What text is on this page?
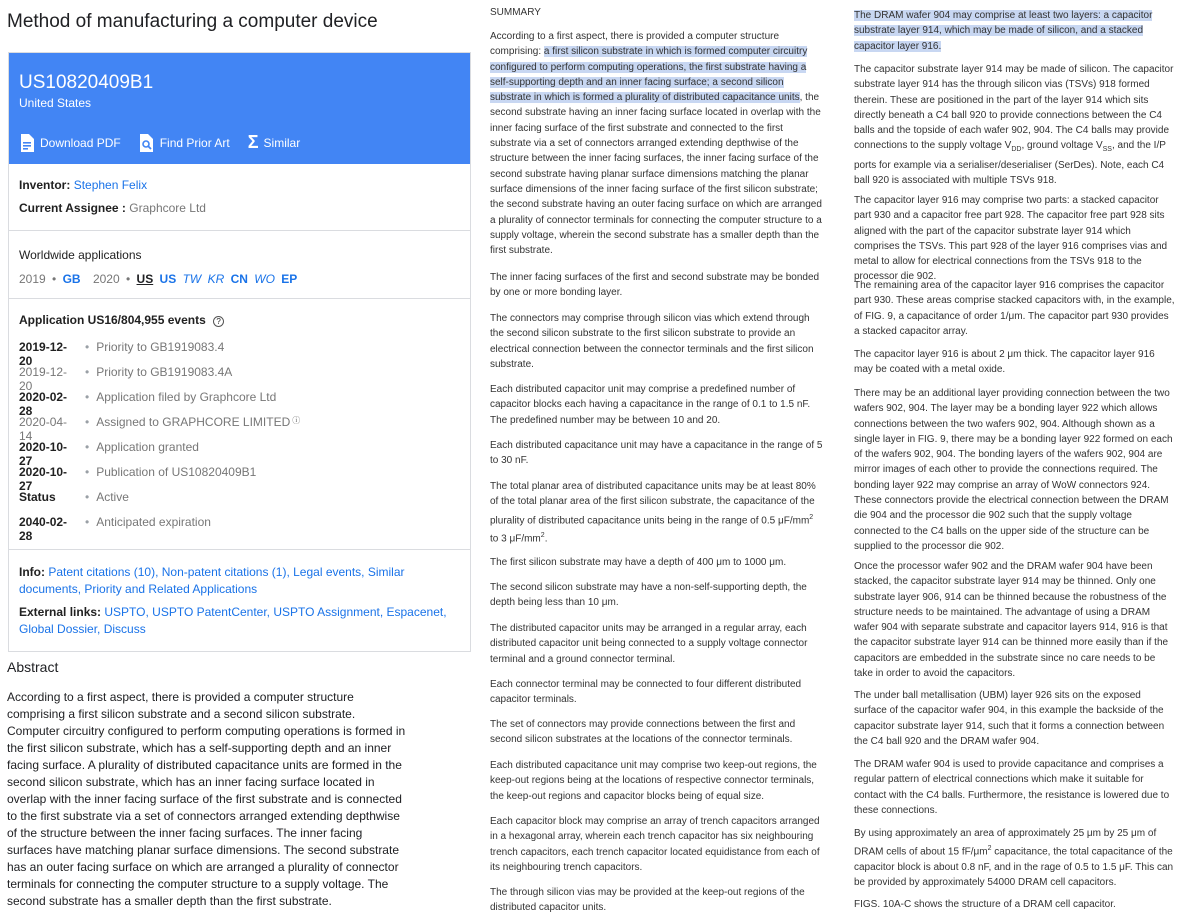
Method of manufacturing a computer device
US10820409B1
United States
Download PDF	Find Prior Art Σ Similar
Inventor: Stephen Felix
Current Assignee : Graphcore Ltd
Worldwide applications
2019 • GB 2020 • US US TW KR CN WO EP
Application US16/804,955 events ?
2019-12-20
• Priority to GB1919083.4
2019-12-20
• Priority to GB1919083.4A
2020-02-28
• Application filed by Graphcore Ltd
2020-04-14
• Assigned to GRAPHCORE LIMITED ⓘ
2020-10-27
• Application granted
2020-10-27
• Publication of US10820409B1
Status	• Active
2040-02-28
• Anticipated expiration
Info: Patent citations (10), Non-patent citations (1), Legal events, Similar documents, Priority and Related Applications
External links: USPTO, USPTO PatentCenter, USPTO Assignment, Espacenet, Global Dossier, Discuss
Abstract
According to a first aspect, there is provided a computer structure comprising a first silicon substrate and a second silicon substrate. Computer circuitry configured to perform computing operations is formed in the first silicon substrate, which has a self-supporting depth and an inner facing surface. A plurality of distributed capacitance units are formed in the second silicon substrate, which has an inner facing surface located in overlap with the inner facing surface of the first substrate and is connected to the first substrate via a set of connectors arranged extending depthwise of the structure between the inner facing surfaces. The inner facing surfaces have matching planar surface dimensions. The second substrate has an outer facing surface on which are arranged a plurality of connector terminals for connecting the computer structure to a supply voltage. The second substrate has a smaller depth than the first substrate.
SUMMARY

According to a first aspect, there is provided a computer structure comprising: a first silicon substrate in which is formed computer circuitry configured to perform computing operations, the first substrate having a self-supporting depth and an inner facing surface; a second silicon substrate in which is formed a plurality of distributed capacitance units, the second substrate having an inner facing surface located in overlap with the inner facing surface of the first substrate and connected to the first substrate via a set of connectors arranged extending depthwise of the structure between the inner facing surfaces, the inner facing surface of the second substrate having planar surface dimensions matching the planar surface dimensions of the inner facing surface of the first silicon substrate; the second substrate having an outer facing surface on which are arranged a plurality of connector terminals for connecting the computer structure to a supply voltage, wherein the second substrate has a smaller depth than the first substrate.

The inner facing surfaces of the first and second substrate may be bonded by one or more bonding layer.

The connectors may comprise through silicon vias which extend through the second silicon substrate to the first silicon substrate to provide an electrical connection between the connector terminals and the first silicon substrate.

Each distributed capacitor unit may comprise a predefined number of capacitor blocks each having a capacitance in the range of 0.1 to 1.5 nF. The predefined number may be between 10 and 20.

Each distributed capacitance unit may have a capacitance in the range of 5 to 30 nF.

The total planar area of distributed capacitance units may be at least 80% of the total planar area of the first silicon substrate, the capacitance of the plurality of distributed capacitance units being in the range of 0.5 $\mu F/mm^2$ to 3 $\mu F/mm^2$.

The first silicon substrate may have a depth of 400 μm to 1000 μm.

The second silicon substrate may have a non-self-supporting depth, the depth being less than 10 μm.

The distributed capacitor units may be arranged in a regular array, each distributed capacitor unit being connected to a supply voltage connector terminal and a ground connector terminal.

Each connector terminal may be connected to four different distributed capacitor terminals.

The set of connectors may provide connections between the first and second silicon substrates at the locations of the connector terminals.

Each distributed capacitance unit may comprise two keep-out regions, the keep-out regions being at the locations of respective connector terminals, the keep-out regions and capacitor blocks being of equal size.

Each capacitor block may comprise an array of trench capacitors arranged in a hexagonal array, wherein each trench capacitor has six neighbouring trench capacitors, each trench capacitor located equidistance from each of its neighbouring trench capacitors.

The through silicon vias may be provided at the keep-out regions of the distributed capacitor units.

The DRAM wafer 904 may comprise at least two layers: a capacitor substrate layer 914, which may be made of silicon, and a stacked capacitor layer 916.

The capacitor substrate layer 914 may be made of silicon. The capacitor substrate layer 914 has the through silicon vias (TSVs) 918 formed therein. These are positioned in the part of the layer 914 which sits directly beneath a C4 ball 920 to provide connections between the C4 balls and the topside of each wafer 902, 904. The C4 balls may provide connections to the supply voltage $V_{DD}$, ground voltage $V_{SS}$, and the I/P ports for example via a serialiser/deserialiser (SerDes). Note, each C4 ball 920 is associated with multiple TSVs 918.

The capacitor layer 916 may comprise two parts: a stacked capacitor part 930 and a capacitor free part 928. The capacitor free part 928 sits aligned with the part of the capacitor substrate layer 914 which comprises the TSVs. This part 928 of the layer 916 comprises vias and metal to allow for electrical connections from the TSVs 918 to the processor die 902.

The remaining area of the capacitor layer 916 comprises the capacitor part 930. These areas comprise stacked capacitors with, in the example, of FIG. 9, a capacitance of order 1/μm. The capacitor part 930 provides a stacked capacitor array.

The capacitor layer 916 is about 2 μm thick. The capacitor layer 916 may be coated with a metal oxide.

There may be an additional layer providing connection between the two wafers 902, 904. The layer may be a bonding layer 922 which allows connections between the two wafers 902, 904. Although shown as a single layer in FIG. 9, there may be a bonding layer 922 formed on each of the wafers 902, 904. The bonding layers of the wafers 902, 904 are mirror images of each other to provide the connections required. The bonding layer 922 may comprise an array of WoW connectors 924. These connectors provide the electrical connection between the DRAM die 904 and the processor die 902 such that the supply voltage connected to the C4 balls on the upper side of the structure can be supplied to the processor die 902.

Once the processor wafer 902 and the DRAM wafer 904 have been stacked, the capacitor substrate layer 914 may be thinned. Only one substrate layer 906, 914 can be thinned because the robustness of the structure needs to be maintained. The advantage of using a DRAM wafer 904 with separate substrate and capacitor layers 914, 916 is that the capacitor substrate layer 914 can be thinned more easily than if the capacitors are embedded in the substrate since no care needs to be take in order to avoid the capacitors.

The under ball metallisation (UBM) layer 926 sits on the exposed surface of the capacitor wafer 904, in this example the backside of the capacitor substrate layer 914, such that it forms a connection between the C4 ball 920 and the DRAM wafer 904.

The DRAM wafer 904 is used to provide capacitance and comprises a regular pattern of electrical connections which make it suitable for contact with the C4 balls. Furthermore, the resistance is lowered due to these connections.

By using approximately an area of approximately 25 μm by 25 μm of DRAM cells of about 15 $fF/\mu m^2$ capacitance, the total capacitance of the capacitor block is about 0.8 nF, and in the rage of 0.5 to 1.5 μF. This can be provided by approximately 54000 DRAM cell capacitors.

FIGS. 10A-C shows the structure of a DRAM cell capacitor.
